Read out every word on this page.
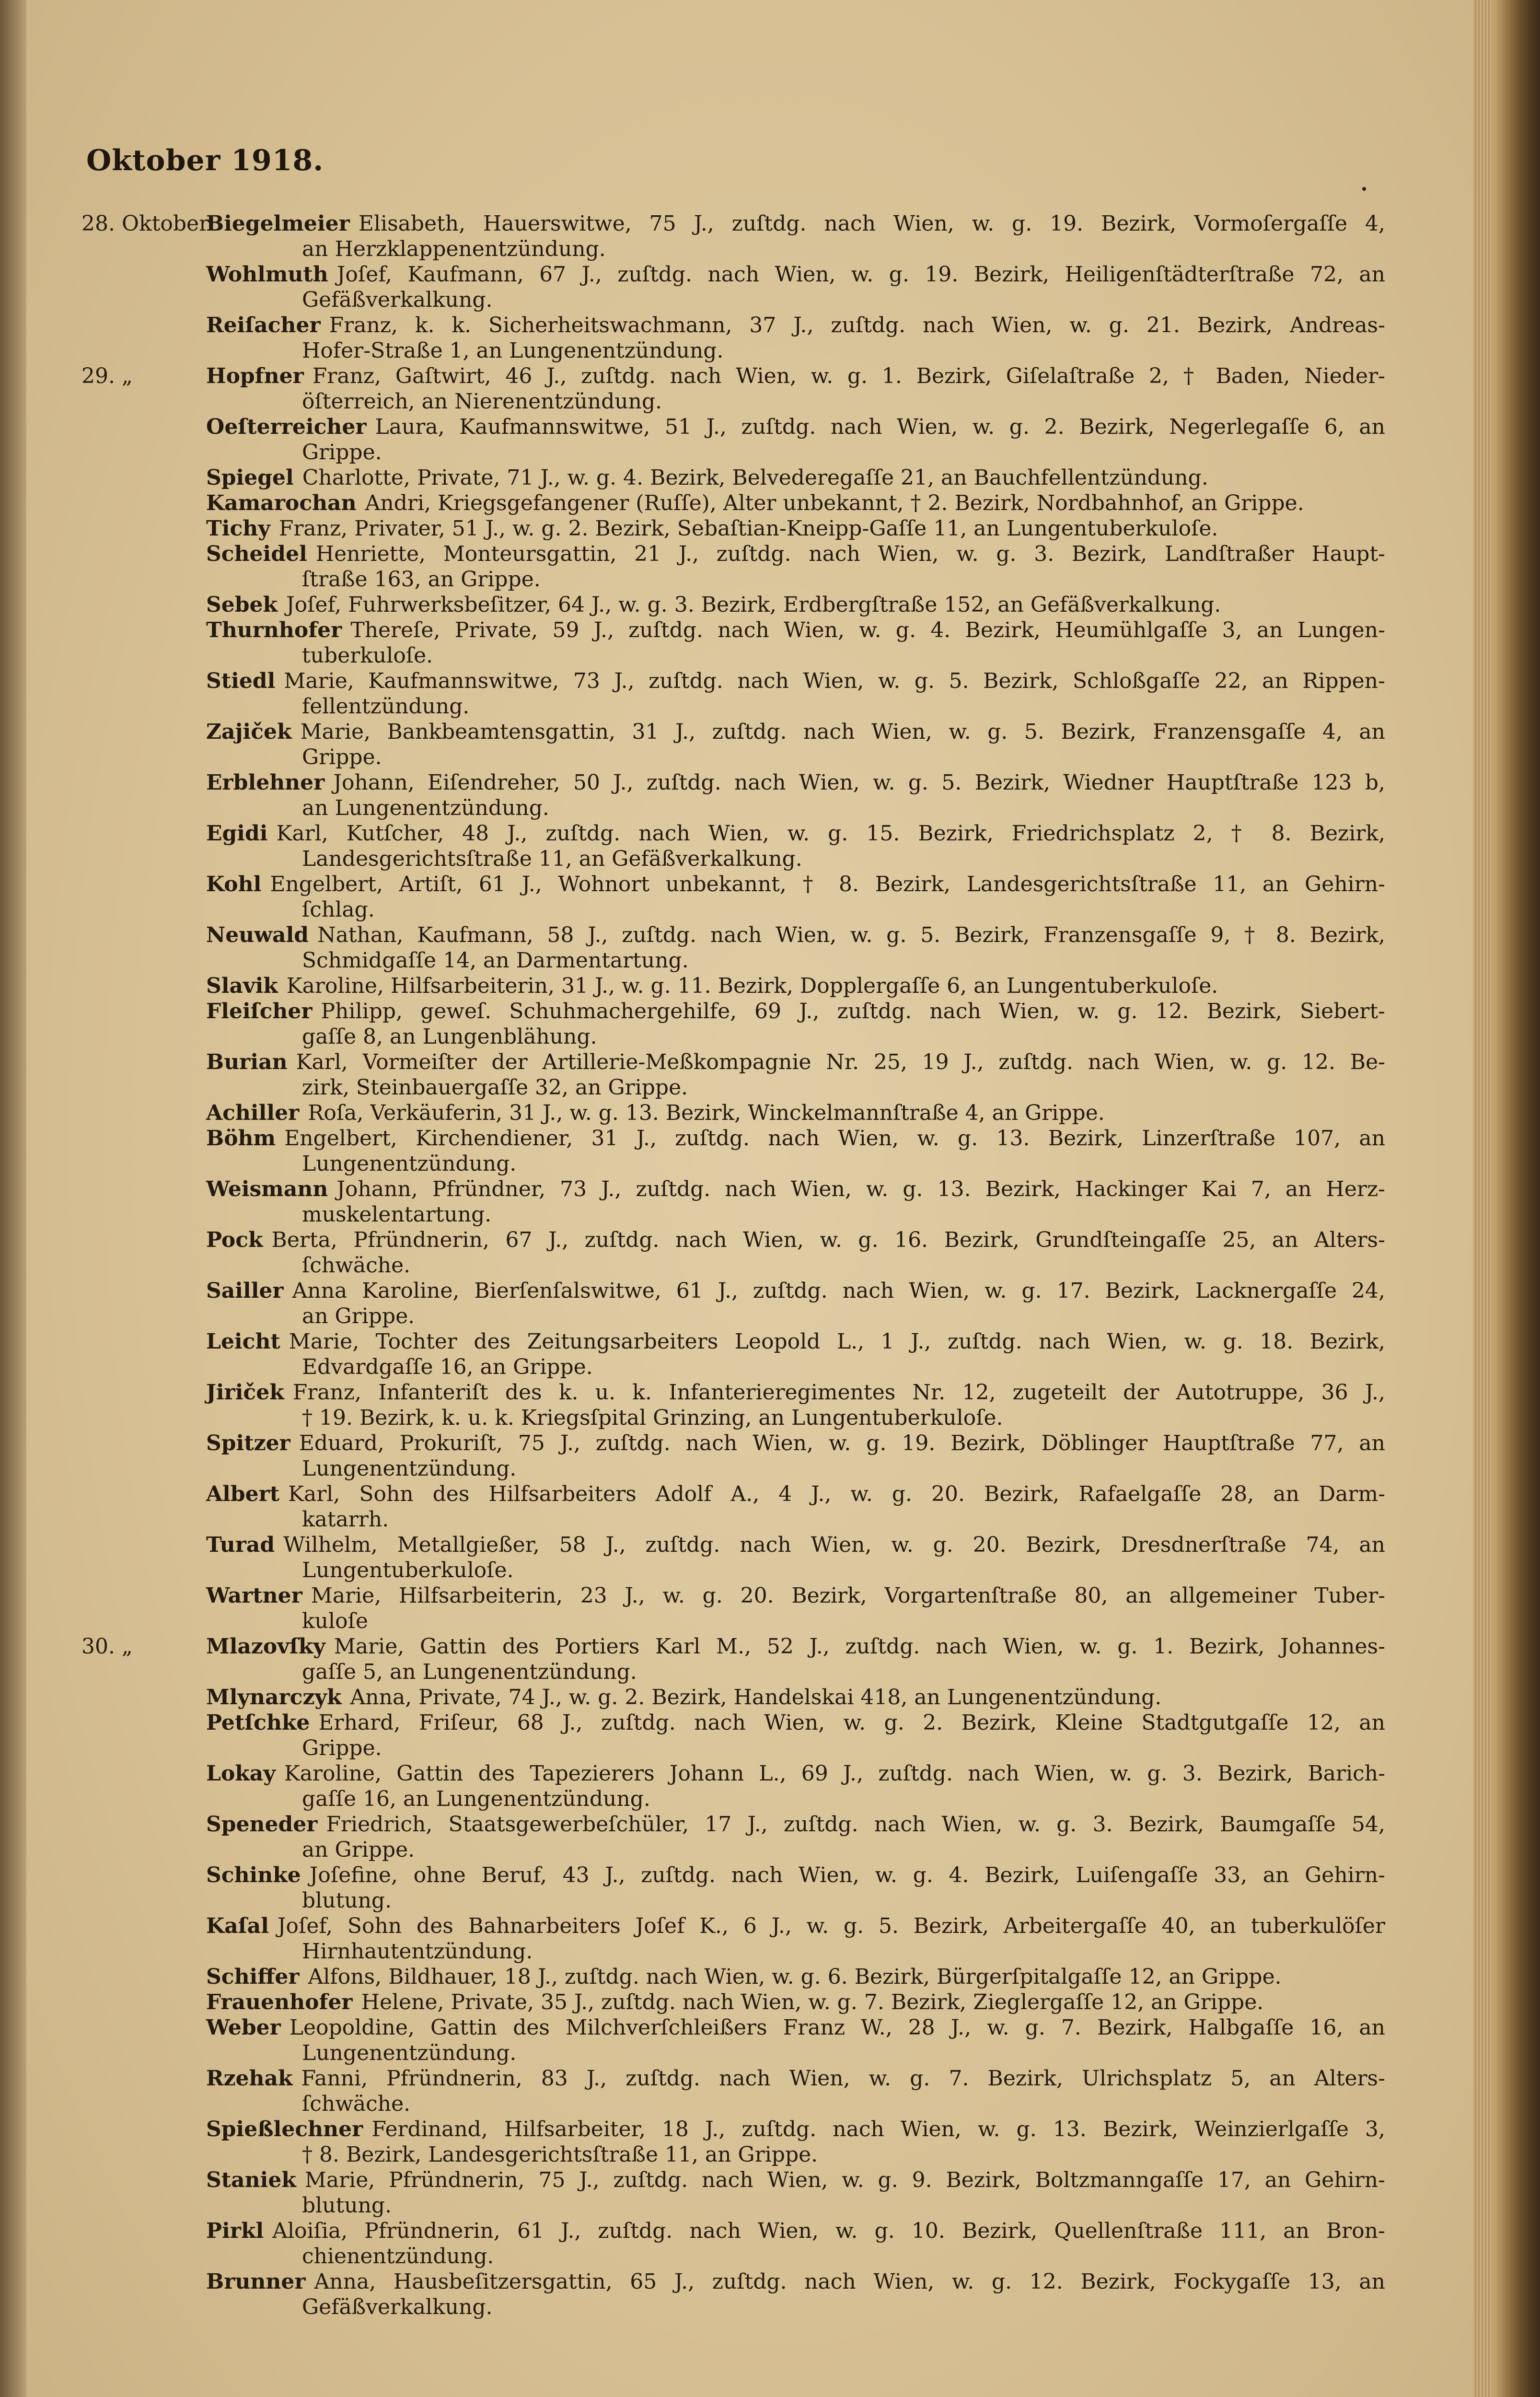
Oktober 1918.
28. Oktober
Biegelmeier Elisabeth, Hauerswitwe, 75 J., zuſtdg. nach Wien, w. g. 19. Bezirk, Vormoſergaſſe 4,
an Herzklappenentzündung.
Wohlmuth Joſef, Kaufmann, 67 J., zuſtdg. nach Wien, w. g. 19. Bezirk, Heiligenſtädterſtraße 72, an
Gefäßverkalkung.
Reiſacher Franz, k. k. Sicherheitswachmann, 37 J., zuſtdg. nach Wien, w. g. 21. Bezirk, Andreas-
Hofer-Straße 1, an Lungenentzündung.
29. „	Hopfner Franz, Gaſtwirt, 46 J., zuſtdg. nach Wien, w. g. 1. Bezirk, Giſelaſtraße 2, † Baden, Nieder-
öſterreich, an Nierenentzündung.
Oeſterreicher Laura, Kaufmannswitwe, 51 J., zuſtdg. nach Wien, w. g. 2. Bezirk, Negerlegaſſe 6, an
Grippe.
Spiegel Charlotte, Private, 71 J., w. g. 4. Bezirk, Belvederegaſſe 21, an Bauchfellentzündung.
Kamarochan Andri, Kriegsgefangener (Ruſſe), Alter unbekannt, † 2. Bezirk, Nordbahnhof, an Grippe.
Tichy Franz, Privater, 51 J., w. g. 2. Bezirk, Sebaſtian-Kneipp-Gaſſe 11, an Lungentuberkuloſe.
Scheidel Henriette, Monteursgattin, 21 J., zuſtdg. nach Wien, w. g. 3. Bezirk, Landſtraßer Haupt-
ſtraße 163, an Grippe.
Sebek Joſef, Fuhrwerksbeſitzer, 64 J., w. g. 3. Bezirk, Erdbergſtraße 152, an Gefäßverkalkung.
Thurnhofer Thereſe, Private, 59 J., zuſtdg. nach Wien, w. g. 4. Bezirk, Heumühlgaſſe 3, an Lungen-
tuberkuloſe.
Stiedl Marie, Kaufmannswitwe, 73 J., zuſtdg. nach Wien, w. g. 5. Bezirk, Schloßgaſſe 22, an Rippen-
fellentzündung.
Zajiček Marie, Bankbeamtensgattin, 31 J., zuſtdg. nach Wien, w. g. 5. Bezirk, Franzensgaſſe 4, an
Grippe.
Erblehner Johann, Eiſendreher, 50 J., zuſtdg. nach Wien, w. g. 5. Bezirk, Wiedner Hauptſtraße 123 b,
an Lungenentzündung.
Egidi Karl, Kutſcher, 48 J., zuſtdg. nach Wien, w. g. 15. Bezirk, Friedrichsplatz 2, † 8. Bezirk,
Landesgerichtsſtraße 11, an Gefäßverkalkung.
Kohl Engelbert, Artiſt, 61 J., Wohnort unbekannt, † 8. Bezirk, Landesgerichtsſtraße 11, an Gehirn-
ſchlag.
Neuwald Nathan, Kaufmann, 58 J., zuſtdg. nach Wien, w. g. 5. Bezirk, Franzensgaſſe 9, † 8. Bezirk,
Schmidgaſſe 14, an Darmentartung.
Slavik Karoline, Hilfsarbeiterin, 31 J., w. g. 11. Bezirk, Dopplergaſſe 6, an Lungentuberkuloſe.
Fleiſcher Philipp, geweſ. Schuhmachergehilfe, 69 J., zuſtdg. nach Wien, w. g. 12. Bezirk, Siebert-
gaſſe 8, an Lungenblähung.
Burian Karl, Vormeiſter der Artillerie-Meßkompagnie Nr. 25, 19 J., zuſtdg. nach Wien, w. g. 12. Be-
zirk, Steinbauergaſſe 32, an Grippe.
Achiller Roſa, Verkäuferin, 31 J., w. g. 13. Bezirk, Winckelmannſtraße 4, an Grippe.
Böhm Engelbert, Kirchendiener, 31 J., zuſtdg. nach Wien, w. g. 13. Bezirk, Linzerſtraße 107, an
Lungenentzündung.
Weismann Johann, Pfründner, 73 J., zuſtdg. nach Wien, w. g. 13. Bezirk, Hackinger Kai 7, an Herz-
muskelentartung.
Pock Berta, Pfründnerin, 67 J., zuſtdg. nach Wien, w. g. 16. Bezirk, Grundſteingaſſe 25, an Alters-
ſchwäche.
Sailler Anna Karoline, Bierſenſalswitwe, 61 J., zuſtdg. nach Wien, w. g. 17. Bezirk, Lacknergaſſe 24,
an Grippe.
Leicht Marie, Tochter des Zeitungsarbeiters Leopold L., 1 J., zuſtdg. nach Wien, w. g. 18. Bezirk,
Edvardgaſſe 16, an Grippe.
Jiriček Franz, Infanteriſt des k. u. k. Infanterieregimentes Nr. 12, zugeteilt der Autotruppe, 36 J.,
† 19. Bezirk, k. u. k. Kriegsſpital Grinzing, an Lungentuberkuloſe.
Spitzer Eduard, Prokuriſt, 75 J., zuſtdg. nach Wien, w. g. 19. Bezirk, Döblinger Hauptſtraße 77, an
Lungenentzündung.
Albert Karl, Sohn des Hilfsarbeiters Adolf A., 4 J., w. g. 20. Bezirk, Rafaelgaſſe 28, an Darm-
katarrh.
Turad Wilhelm, Metallgießer, 58 J., zuſtdg. nach Wien, w. g. 20. Bezirk, Dresdnerſtraße 74, an
Lungentuberkuloſe.
Wartner Marie, Hilfsarbeiterin, 23 J., w. g. 20. Bezirk, Vorgartenſtraße 80, an allgemeiner Tuber-
kuloſe
30. „	Mlazovſky Marie, Gattin des Portiers Karl M., 52 J., zuſtdg. nach Wien, w. g. 1. Bezirk, Johannes-
gaſſe 5, an Lungenentzündung.
Mlynarczyk Anna, Private, 74 J., w. g. 2. Bezirk, Handelskai 418, an Lungenentzündung.
Petſchke Erhard, Friſeur, 68 J., zuſtdg. nach Wien, w. g. 2. Bezirk, Kleine Stadtgutgaſſe 12, an
Grippe.
Lokay Karoline, Gattin des Tapezierers Johann L., 69 J., zuſtdg. nach Wien, w. g. 3. Bezirk, Barich-
gaſſe 16, an Lungenentzündung.
Speneder Friedrich, Staatsgewerbeſchüler, 17 J., zuſtdg. nach Wien, w. g. 3. Bezirk, Baumgaſſe 54,
an Grippe.
Schinke Joſefine, ohne Beruf, 43 J., zuſtdg. nach Wien, w. g. 4. Bezirk, Luiſengaſſe 33, an Gehirn-
blutung.
Kaſal Joſef, Sohn des Bahnarbeiters Joſef K., 6 J., w. g. 5. Bezirk, Arbeitergaſſe 40, an tuberkulöſer
Hirnhautentzündung.
Schiffer Alfons, Bildhauer, 18 J., zuſtdg. nach Wien, w. g. 6. Bezirk, Bürgerſpitalgaſſe 12, an Grippe.
Frauenhofer Helene, Private, 35 J., zuſtdg. nach Wien, w. g. 7. Bezirk, Zieglergaſſe 12, an Grippe.
Weber Leopoldine, Gattin des Milchverſchleißers Franz W., 28 J., w. g. 7. Bezirk, Halbgaſſe 16, an
Lungenentzündung.
Rzehak Fanni, Pfründnerin, 83 J., zuſtdg. nach Wien, w. g. 7. Bezirk, Ulrichsplatz 5, an Alters-
ſchwäche.
Spießlechner Ferdinand, Hilfsarbeiter, 18 J., zuſtdg. nach Wien, w. g. 13. Bezirk, Weinzierlgaſſe 3,
† 8. Bezirk, Landesgerichtsſtraße 11, an Grippe.
Staniek Marie, Pfründnerin, 75 J., zuſtdg. nach Wien, w. g. 9. Bezirk, Boltzmanngaſſe 17, an Gehirn-
blutung.
Pirkl Aloiſia, Pfründnerin, 61 J., zuſtdg. nach Wien, w. g. 10. Bezirk, Quellenſtraße 111, an Bron-
chienentzündung.
Brunner Anna, Hausbeſitzersgattin, 65 J., zuſtdg. nach Wien, w. g. 12. Bezirk, Fockygaſſe 13, an
Gefäßverkalkung.
